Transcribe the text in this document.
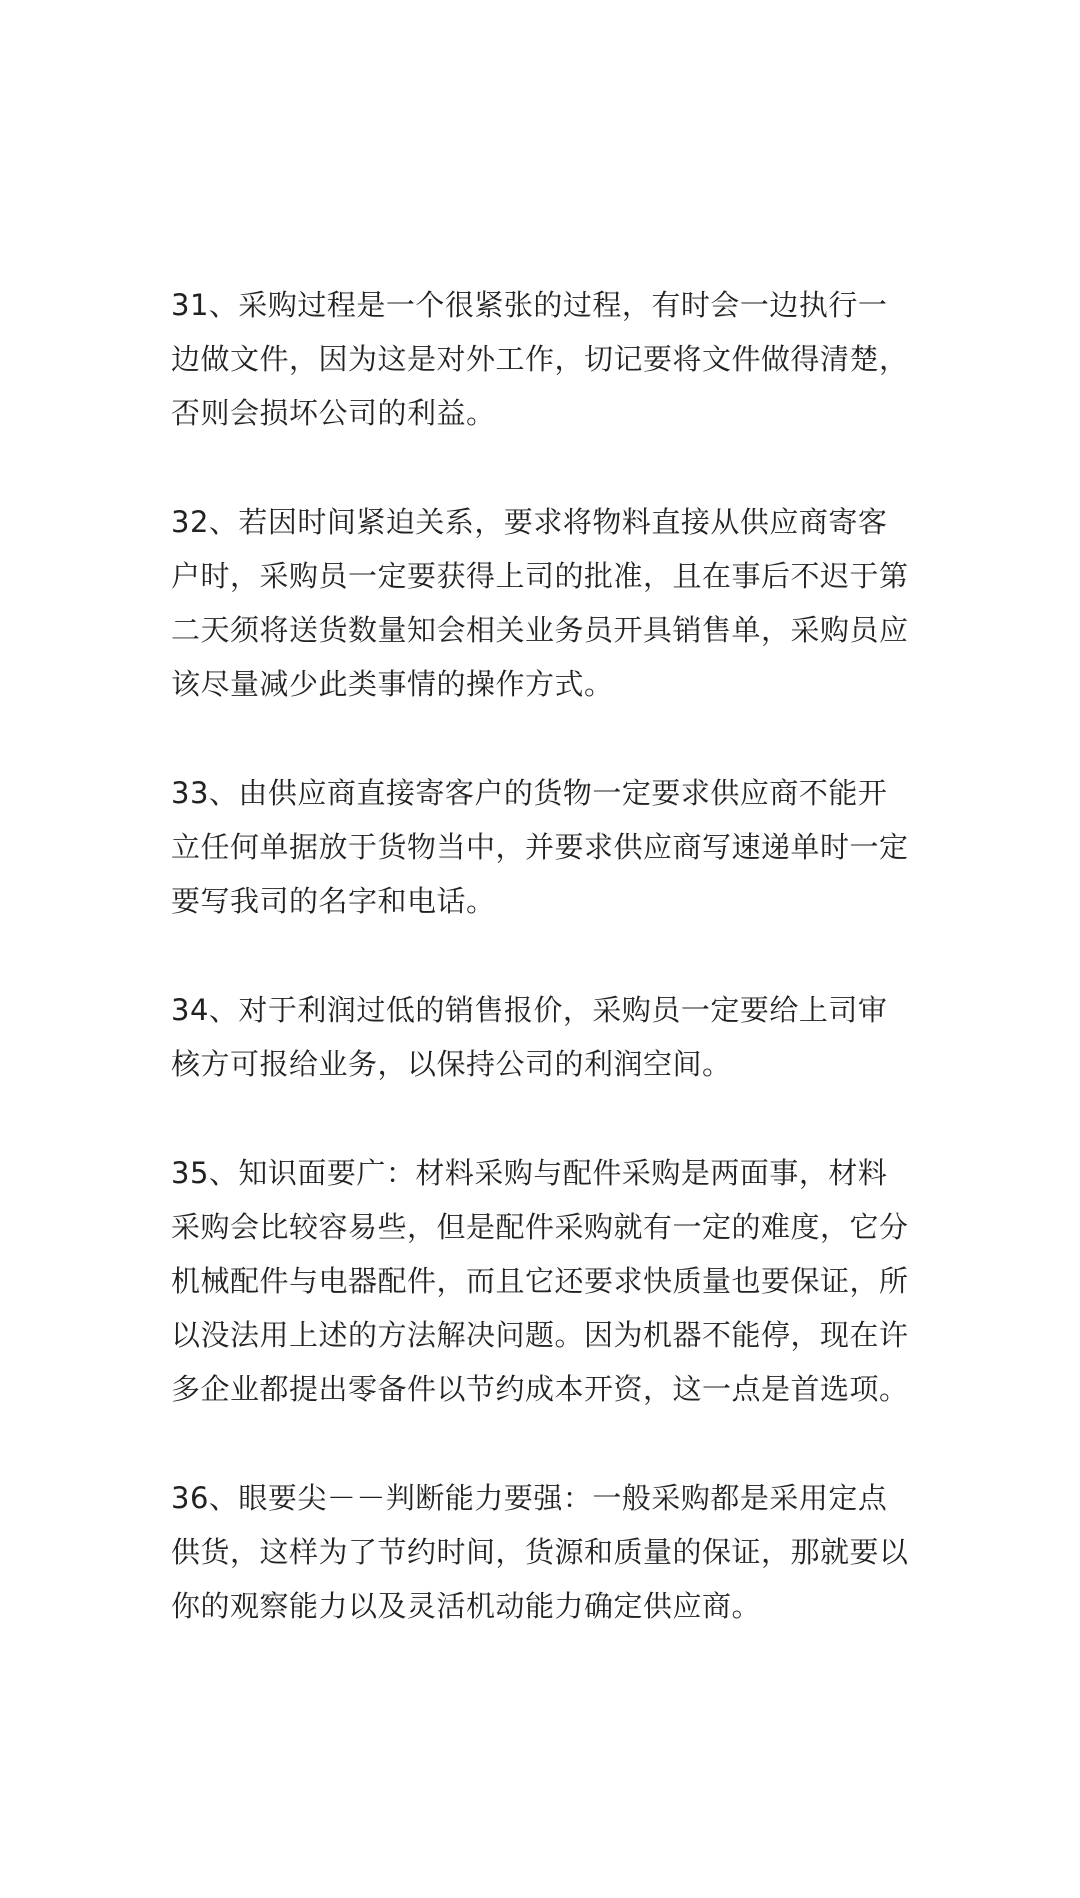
31、采购过程是一个很紧张的过程，有时会一边执行一边做文件，因为这是对外工作，切记要将文件做得清楚，否则会损坏公司的利益。

32、若因时间紧迫关系，要求将物料直接从供应商寄客户时，采购员一定要获得上司的批准，且在事后不迟于第二天须将送货数量知会相关业务员开具销售单，采购员应该尽量减少此类事情的操作方式。

33、由供应商直接寄客户的货物一定要求供应商不能开立任何单据放于货物当中，并要求供应商写速递单时一定要写我司的名字和电话。

34、对于利润过低的销售报价，采购员一定要给上司审核方可报给业务，以保持公司的利润空间。

35、知识面要广：材料采购与配件采购是两面事，材料采购会比较容易些，但是配件采购就有一定的难度，它分机械配件与电器配件，而且它还要求快质量也要保证，所以没法用上述的方法解决问题。因为机器不能停，现在许多企业都提出零备件以节约成本开资，这一点是首选项。

36、眼要尖－－判断能力要强：一般采购都是采用定点供货，这样为了节约时间，货源和质量的保证，那就要以你的观察能力以及灵活机动能力确定供应商。
